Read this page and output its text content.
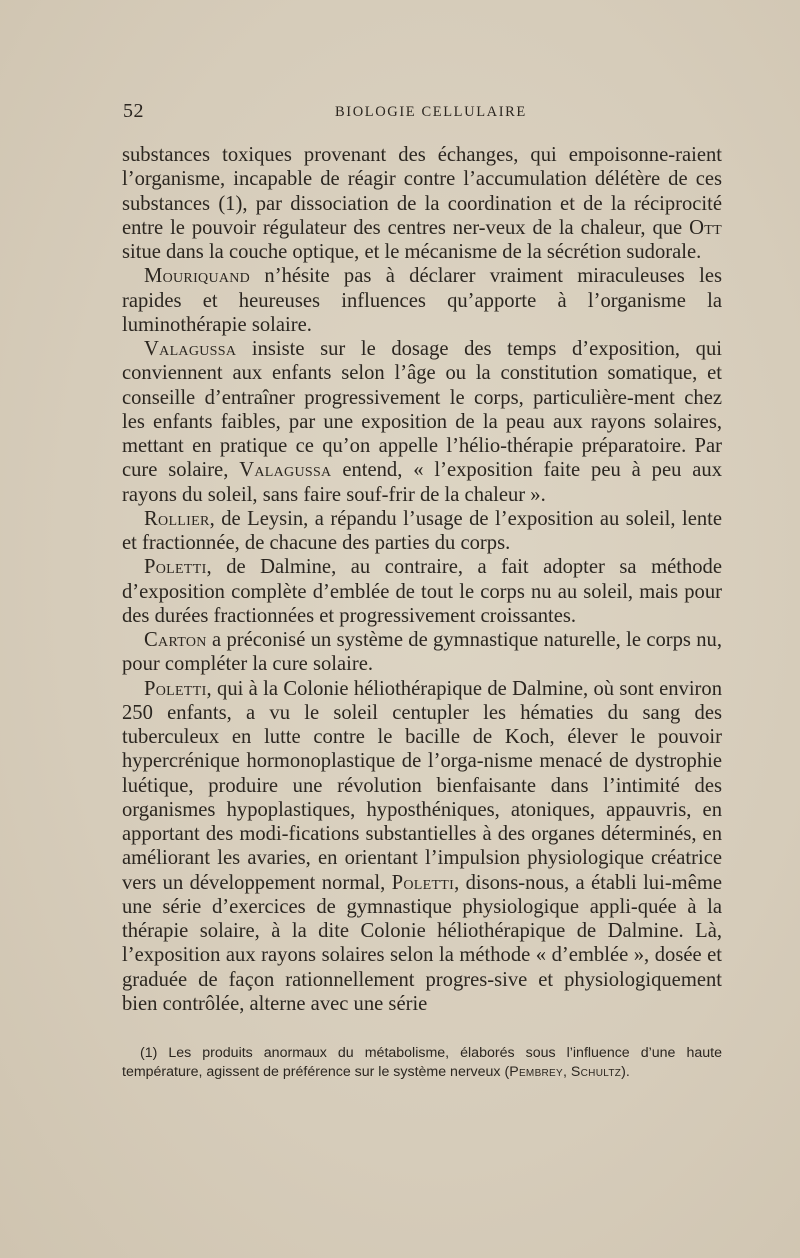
52	BIOLOGIE CELLULAIRE

substances toxiques provenant des échanges, qui empoisonne-raient l’organisme, incapable de réagir contre l’accumulation délétère de ces substances (1), par dissociation de la coordination et de la réciprocité entre le pouvoir régulateur des centres ner-veux de la chaleur, que Ott situe dans la couche optique, et le mécanisme de la sécrétion sudorale.

Mouriquand n’hésite pas à déclarer vraiment miraculeuses les rapides et heureuses influences qu’apporte à l’organisme la luminothérapie solaire.

Valagussa insiste sur le dosage des temps d’exposition, qui conviennent aux enfants selon l’âge ou la constitution somatique, et conseille d’entraîner progressivement le corps, particulière-ment chez les enfants faibles, par une exposition de la peau aux rayons solaires, mettant en pratique ce qu’on appelle l’hélio-thérapie préparatoire. Par cure solaire, Valagussa entend, « l’exposition faite peu à peu aux rayons du soleil, sans faire souf-frir de la chaleur ».

Rollier, de Leysin, a répandu l’usage de l’exposition au soleil, lente et fractionnée, de chacune des parties du corps.

Poletti, de Dalmine, au contraire, a fait adopter sa méthode d’exposition complète d’emblée de tout le corps nu au soleil, mais pour des durées fractionnées et progressivement croissantes.

Carton a préconisé un système de gymnastique naturelle, le corps nu, pour compléter la cure solaire.

Poletti, qui à la Colonie héliothérapique de Dalmine, où sont environ 250 enfants, a vu le soleil centupler les hématies du sang des tuberculeux en lutte contre le bacille de Koch, élever le pouvoir hypercrénique hormonoplastique de l’orga-nisme menacé de dystrophie luétique, produire une révolution bienfaisante dans l’intimité des organismes hypoplastiques, hyposthéniques, atoniques, appauvris, en apportant des modi-fications substantielles à des organes déterminés, en améliorant les avaries, en orientant l’impulsion physiologique créatrice vers un développement normal, Poletti, disons-nous, a établi lui-même une série d’exercices de gymnastique physiologique appli-quée à la thérapie solaire, à la dite Colonie héliothérapique de Dalmine. Là, l’exposition aux rayons solaires selon la méthode « d’emblée », dosée et graduée de façon rationnellement progres-sive et physiologiquement bien contrôlée, alterne avec une série

(1) Les produits anormaux du métabolisme, élaborés sous l’influence d’une haute température, agissent de préférence sur le système nerveux (Pembrey, Schultz).
